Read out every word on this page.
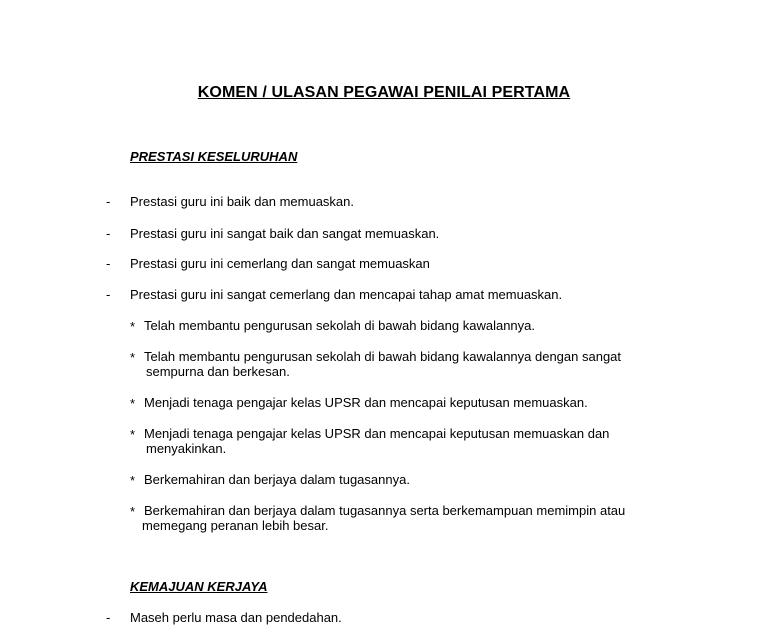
KOMEN / ULASAN PEGAWAI PENILAI PERTAMA
PRESTASI KESELURUHAN
- Prestasi guru ini baik dan memuaskan.
- Prestasi guru ini sangat baik dan sangat memuaskan.
- Prestasi guru ini cemerlang dan sangat memuaskan
- Prestasi guru ini sangat cemerlang dan mencapai tahap amat memuaskan.
* Telah membantu pengurusan sekolah di bawah bidang kawalannya.
* Telah membantu pengurusan sekolah di bawah bidang kawalannya dengan sangat
sempurna dan berkesan.
* Menjadi tenaga pengajar kelas UPSR dan mencapai keputusan memuaskan.
* Menjadi tenaga pengajar kelas UPSR dan mencapai keputusan memuaskan dan
menyakinkan.
* Berkemahiran dan berjaya dalam tugasannya.
* Berkemahiran dan berjaya dalam tugasannya serta berkemampuan memimpin atau
memegang peranan lebih besar.
KEMAJUAN KERJAYA
- Maseh perlu masa dan pendedahan.
